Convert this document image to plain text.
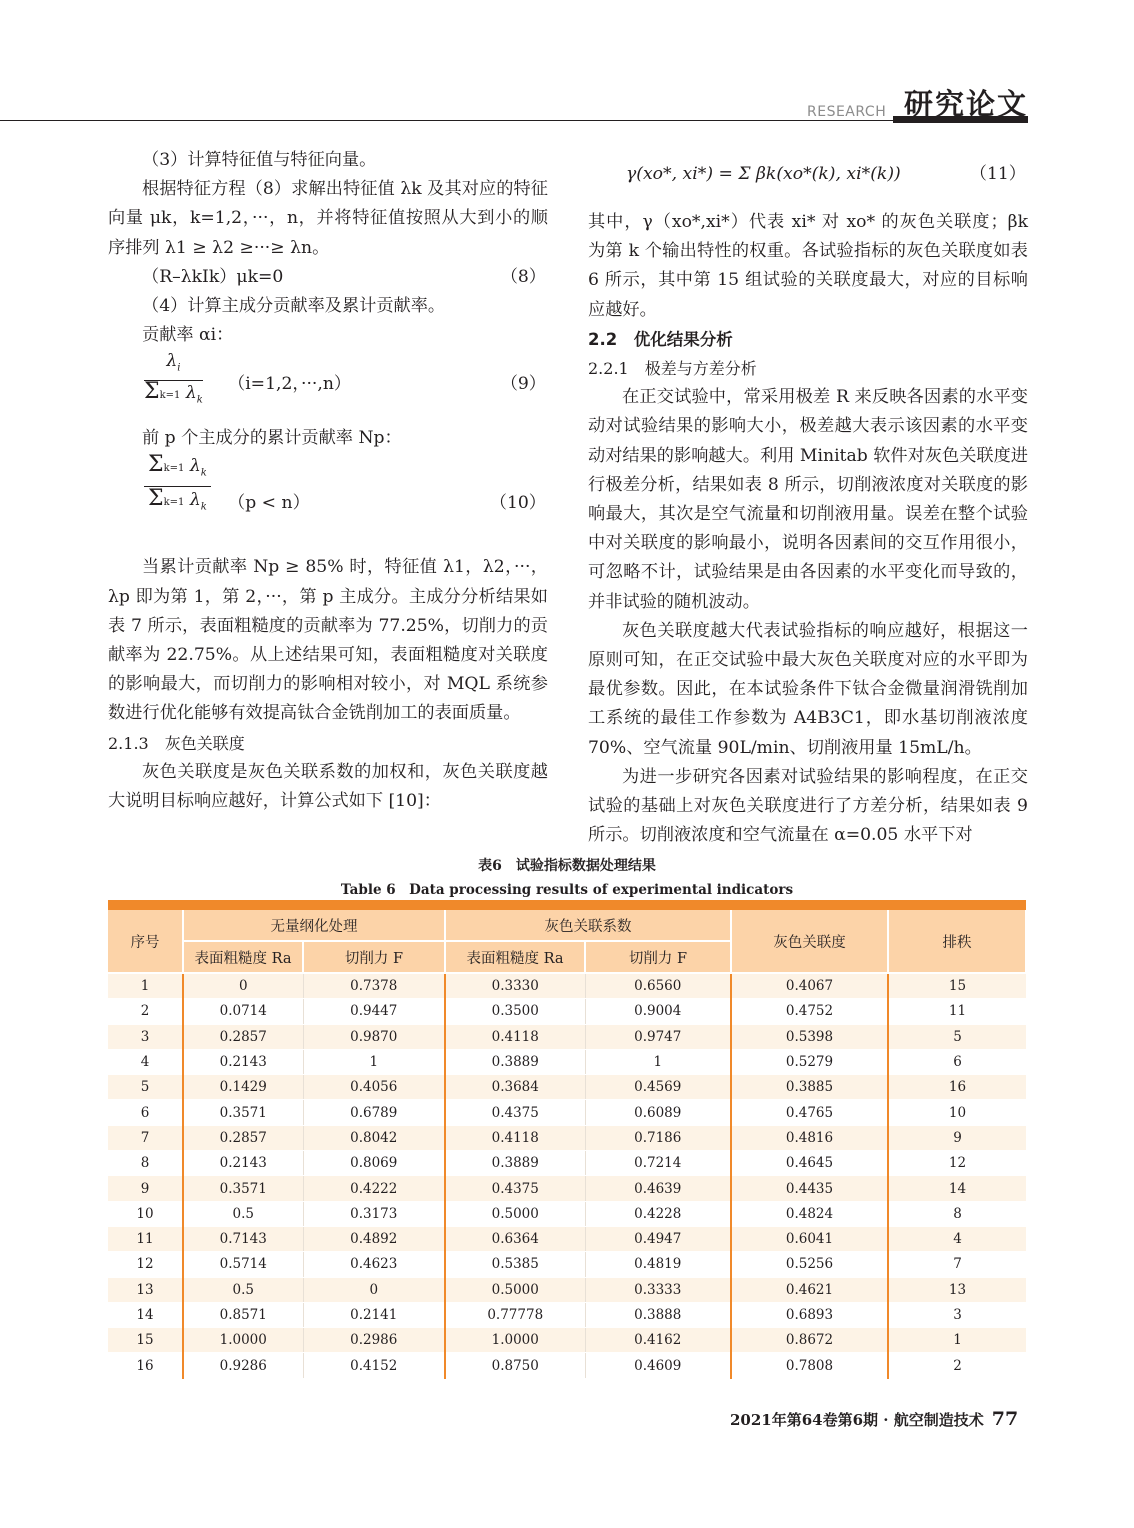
RESEARCH 研究论文

（3）计算特征值与特征向量。

根据特征方程（8）求解出特征值 λk 及其对应的特征向量 μk，k=1,2，···，n，并将特征值按照从大到小的顺序排列 λ1 ≥ λ2 ≥···≥ λn。

（R–λkIk）μk=0	（8）

（4）计算主成分贡献率及累计贡献率。

贡献率 αi：

$\frac{\lambda_i}{\Sigma k=1 \lambda_k} (i=1,2$，···,n）	（9）

前 p 个主成分的累计贡献率 Np：

$\frac{\Sigma k=1 \lambda_k}{\Sigma k=1 \lambda_k} (p < n)$	（10）

当累计贡献率 Np ≥ 85% 时，特征值 λ1，λ2，···，λp 即为第 1，第 2，···，第 p 主成分。主成分分析结果如表 7 所示，表面粗糙度的贡献率为 77.25%，切削力的贡献率为 22.75%。从上述结果可知，表面粗糙度对关联度的影响最大，而切削力的影响相对较小，对 MQL 系统参数进行优化能够有效提高钛合金铣削加工的表面质量。

2.1.3　灰色关联度

灰色关联度是灰色关联系数的加权和，灰色关联度越大说明目标响应越好，计算公式如下 [10]：

γ(xo*, xi*) = Σ βk(xo*(k), xi*(k))	（11）

其中，γ（xo*,xi*）代表 xi* 对 xo* 的灰色关联度；βk 为第 k 个输出特性的权重。各试验指标的灰色关联度如表 6 所示，其中第 15 组试验的关联度最大，对应的目标响应越好。

2.2　优化结果分析

2.2.1　极差与方差分析

在正交试验中，常采用极差 R 来反映各因素的水平变动对试验结果的影响大小，极差越大表示该因素的水平变动对结果的影响越大。利用 Minitab 软件对灰色关联度进行极差分析，结果如表 8 所示，切削液浓度对关联度的影响最大，其次是空气流量和切削液用量。误差在整个试验中对关联度的影响最小，说明各因素间的交互作用很小，可忽略不计，试验结果是由各因素的水平变化而导致的，并非试验的随机波动。

灰色关联度越大代表试验指标的响应越好，根据这一原则可知，在正交试验中最大灰色关联度对应的水平即为最优参数。因此，在本试验条件下钛合金微量润滑铣削加工系统的最佳工作参数为 A4B3C1，即水基切削液浓度 70%、空气流量 90L/min、切削液用量 15mL/h。

为进一步研究各因素对试验结果的影响程度，在正交试验的基础上对灰色关联度进行了方差分析，结果如表 9 所示。切削液浓度和空气流量在 α=0.05 水平下对

表6　试验指标数据处理结果
Table 6　Data processing results of experimental indicators
序号	无量纲化处理		灰色关联系数		灰色关联度	排秩
	表面粗糙度 Ra	切削力 F	表面粗糙度 Ra	切削力 F		
1	0	0.7378	0.3330	0.6560	0.4067	15
2	0.0714	0.9447	0.3500	0.9004	0.4752	11
3	0.2857	0.9870	0.4118	0.9747	0.5398	5
4	0.2143	1	0.3889	1	0.5279	6
5	0.1429	0.4056	0.3684	0.4569	0.3885	16
6	0.3571	0.6789	0.4375	0.6089	0.4765	10
7	0.2857	0.8042	0.4118	0.7186	0.4816	9
8	0.2143	0.8069	0.3889	0.7214	0.4645	12
9	0.3571	0.4222	0.4375	0.4639	0.4435	14
10	0.5	0.3173	0.5000	0.4228	0.4824	8
11	0.7143	0.4892	0.6364	0.4947	0.6041	4
12	0.5714	0.4623	0.5385	0.4819	0.5256	7
13	0.5	0	0.5000	0.3333	0.4621	13
14	0.8571	0.2141	0.77778	0.3888	0.6893	3
15	1.0000	0.2986	1.0000	0.4162	0.8672	1
16	0.9286	0.4152	0.8750	0.4609	0.7808	2
2021年第64卷第6期 · 航空制造技术 77
